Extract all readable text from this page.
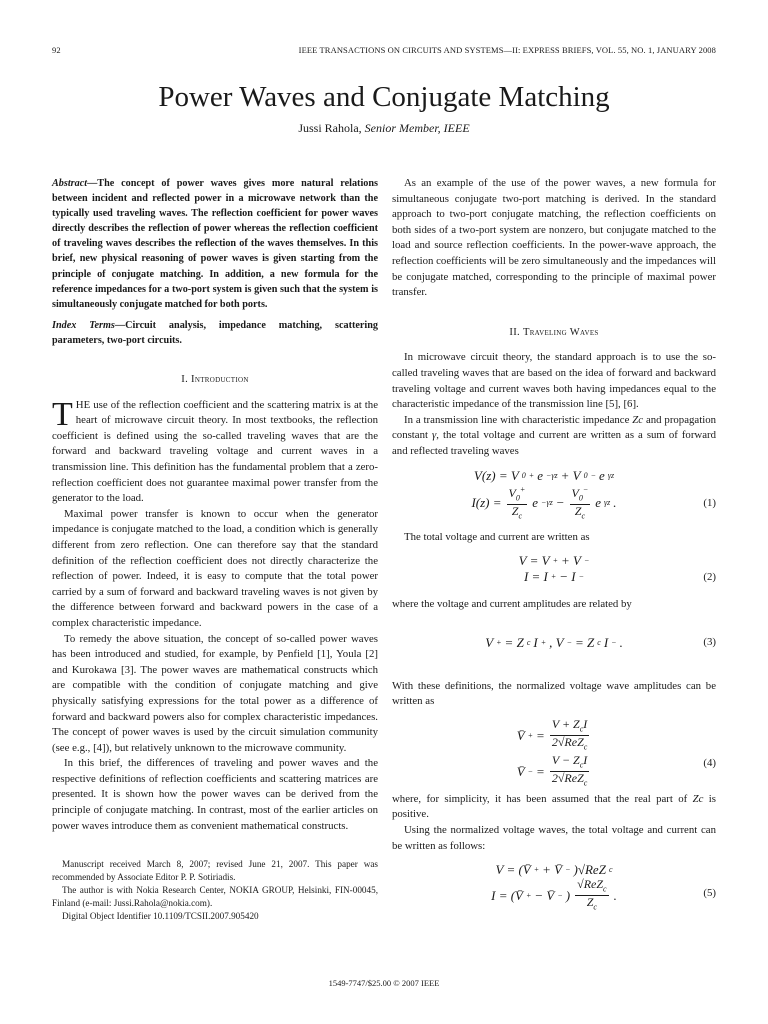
92	IEEE TRANSACTIONS ON CIRCUITS AND SYSTEMS—II: EXPRESS BRIEFS, VOL. 55, NO. 1, JANUARY 2008
Power Waves and Conjugate Matching
Jussi Rahola, Senior Member, IEEE

Abstract—The concept of power waves gives more natural relations between incident and reflected power in a microwave network than the typically used traveling waves. The reflection coefficient for power waves directly describes the reflection of power whereas the reflection coefficient of traveling waves describes the reflection of the waves themselves. In this brief, new physical reasoning of power waves is given starting from the principle of conjugate matching. In addition, a new formula for the reference impedances for a two-port system is given such that the system is simultaneously conjugate matched for both ports.

Index Terms—Circuit analysis, impedance matching, scattering parameters, two-port circuits.

I. Introduction

THE use of the reflection coefficient and the scattering matrix is at the heart of microwave circuit theory. In most textbooks, the reflection coefficient is defined using the so-called traveling waves that are the forward and backward traveling voltage and current waves in a transmission line. This definition has the fundamental problem that a zero-reflection coefficient does not guarantee maximal power transfer from the generator to the load.

Maximal power transfer is known to occur when the generator impedance is conjugate matched to the load, a condition which is generally different from zero reflection. One can therefore say that the standard definition of the reflection coefficient does not directly characterize the reflection of power. Indeed, it is easy to compute that the total power carried by a sum of forward and backward traveling waves is not given by the difference between forward and backward powers in the case of a complex characteristic impedance.

To remedy the above situation, the concept of so-called power waves has been introduced and studied, for example, by Penfield [1], Youla [2] and Kurokawa [3]. The power waves are mathematical constructs which are compatible with the condition of conjugate matching and give physically satisfying expressions for the total power as a difference of forward and backward powers also for complex characteristic impedances. The concept of power waves is used by the circuit simulation community (see e.g., [4]), but relatively unknown to the microwave community.

In this brief, the differences of traveling and power waves and the respective definitions of reflection coefficients and scattering matrices are presented. It is shown how the power waves can be derived from the principle of conjugate matching. In contrast, most of the earlier articles on power waves introduce them as convenient mathematical constructs.

Manuscript received March 8, 2007; revised June 21, 2007. This paper was recommended by Associate Editor P. P. Sotiriadis.

The author is with Nokia Research Center, NOKIA GROUP, Helsinki, FIN-00045, Finland (e-mail: Jussi.Rahola@nokia.com).

Digital Object Identifier 10.1109/TCSII.2007.905420

As an example of the use of the power waves, a new formula for simultaneous conjugate two-port matching is derived. In the standard approach to two-port conjugate matching, the reflection coefficients on both sides of a two-port system are nonzero, but conjugate matched to the load and source reflection coefficients. In the power-wave approach, the reflection coefficients will be zero simultaneously and the impedances will be conjugate matched, corresponding to the principle of maximal power transfer.

II. Traveling Waves

In microwave circuit theory, the standard approach is to use the so-called traveling waves that are based on the idea of forward and backward traveling voltage and current waves both having impedances equal to the characteristic impedance of the transmission line [5], [6].

In a transmission line with characteristic impedance Zc and propagation constant γ, the total voltage and current are written as a sum of forward and reflected traveling waves

V(z) = V 0 + e −γz + V 0 − e γz
$I(z) = \frac{V_0^+}{Z_c}$ $e -\gamma z - \frac{V_0^-}{Z_c}$ e γz .	(1)

The total voltage and current are written as

V = V + + V −
I = I + − I −	(2)

where the voltage and current amplitudes are related by

V + = Z c I + , V − = Z c I − .	(3)

With these definitions, the normalized voltage wave amplitudes can be written as

V̄ + = $\frac{V + Z_cI}{2√ReZ_c}$
V̄ − = $\frac{V - Z_cI}{2√ReZ_c}$	(4)

where, for simplicity, it has been assumed that the real part of Zc is positive.

Using the normalized voltage waves, the total voltage and current can be written as follows:

V = (V̄ + + V̄ − )√ReZ c
I = (V̄ + − V̄ − ) $\frac{√ReZ_c}{Z_c}$ .	(5)
1549-7747/$25.00 © 2007 IEEE
